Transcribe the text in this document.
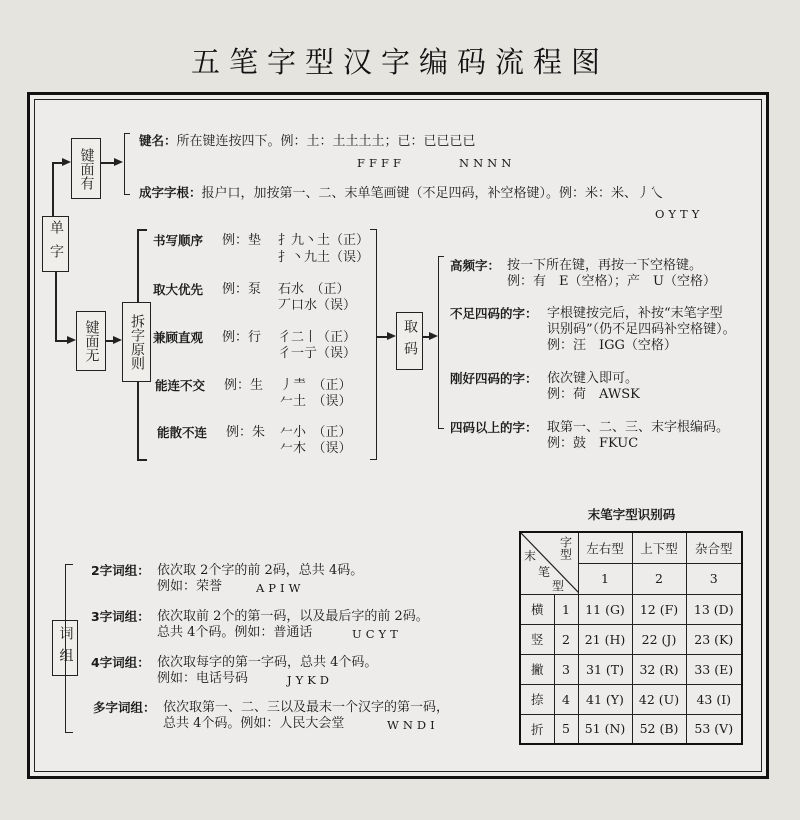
五笔字型汉字编码流程图
单字
键面有
键面无 拆字原则	取码
词组
键名：所在键连按四下。例：土：土土土土；已：已已已已
FFFF	NNNN
成字字根：报户口，加按第一、二、末单笔画键（不足四码，补空格键）。例：米：米、丿乀
OYTY
书写顺序 例：垫 扌九丶土（正）
扌丶九土（误）
取大优先 例：泵 石水　（正）
丆口水（误）
兼顾直观 例：行 彳二丨（正）
彳一亍（误）
能连不交 例：生 丿龶　（正）
𠂉土　（误）
能散不连 例：朱 𠂉小　（正）
𠂉木　（误）
高频字： 按一下所在键，再按一下空格键。
例：有　E（空格）；产　U（空格）
不足四码的字： 字根键按完后，补按“末笔字型
识别码”（仍不足四码补空格键）。
例：汪　IGG（空格）
刚好四码的字： 依次键入即可。
例：荷　AWSK
四码以上的字： 取第一、二、三、末字根编码。
例：鼓　FKUC
2字词组： 依次取 2个字的前 2码，总共 4码。
例如：荣誉	APIW
3字词组： 依次取前 2个的第一码，以及最后字的前 2码。
总共 4个码。例如：普通话	UCYT
4字词组： 依次取每字的第一字码，总共 4个码。
例如：电话号码	JYKD
多字词组： 依次取第一、二、三以及最末一个汉字的第一码，
总共 4个码。例如：人民大会堂	WNDI
末笔字型识别码
字型
末
笔
型		左右型	上下型	杂合型
		1	2	3
横	1	11 (G)	12 (F)	13 (D)
竖	2	21 (H)	22 (J)	23 (K)
撇	3	31 (T)	32 (R)	33 (E)
捺	4	41 (Y)	42 (U)	43 (I)
折	5	51 (N)	52 (B)	53 (V)
